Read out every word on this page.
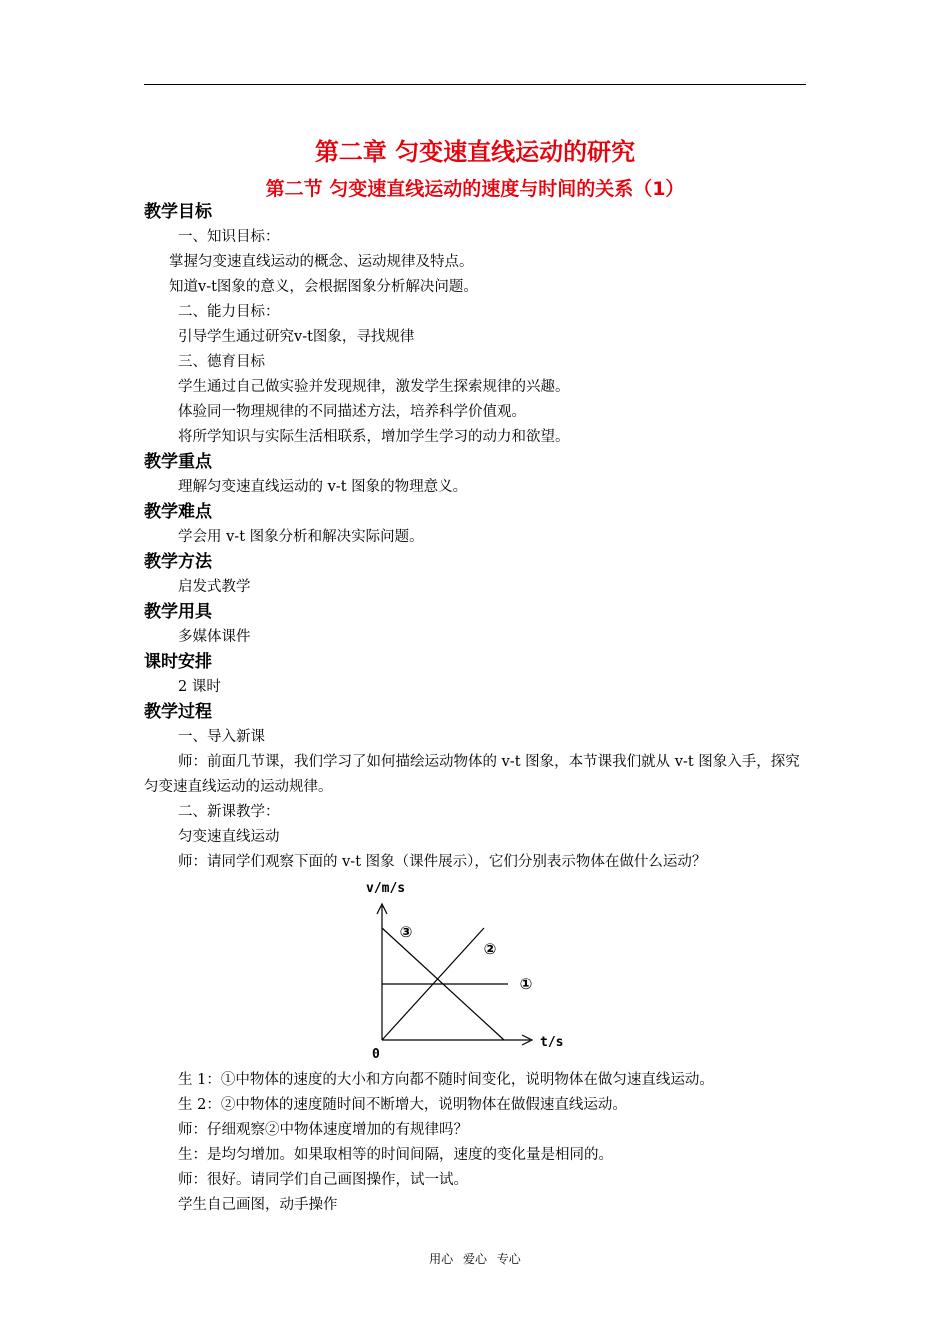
第二章 匀变速直线运动的研究
第二节 匀变速直线运动的速度与时间的关系（1）
教学目标
一、知识目标：
掌握匀变速直线运动的概念、运动规律及特点。
知道v-t图象的意义，会根据图象分析解决问题。
二、能力目标：
引导学生通过研究v-t图象，寻找规律
三、德育目标
学生通过自己做实验并发现规律，激发学生探索规律的兴趣。
体验同一物理规律的不同描述方法，培养科学价值观。
将所学知识与实际生活相联系，增加学生学习的动力和欲望。
教学重点
理解匀变速直线运动的 v-t 图象的物理意义。
教学难点
学会用 v-t 图象分析和解决实际问题。
教学方法
启发式教学
教学用具
多媒体课件
课时安排
2 课时
教学过程
一、导入新课
师：前面几节课，我们学习了如何描绘运动物体的 v-t 图象，本节课我们就从 v-t 图象入手，探究匀变速直线运动的运动规律。
二、新课教学：
匀变速直线运动
师：请同学们观察下面的 v-t 图象（课件展示），它们分别表示物体在做什么运动？
v/m/s
t/s
0
①
②
③
生 1：①中物体的速度的大小和方向都不随时间变化，说明物体在做匀速直线运动。
生 2：②中物体的速度随时间不断增大，说明物体在做假速直线运动。
师：仔细观察②中物体速度增加的有规律吗？
生：是均匀增加。如果取相等的时间间隔，速度的变化量是相同的。
师：很好。请同学们自己画图操作，试一试。
学生自己画图，动手操作
用心 爱心 专心
